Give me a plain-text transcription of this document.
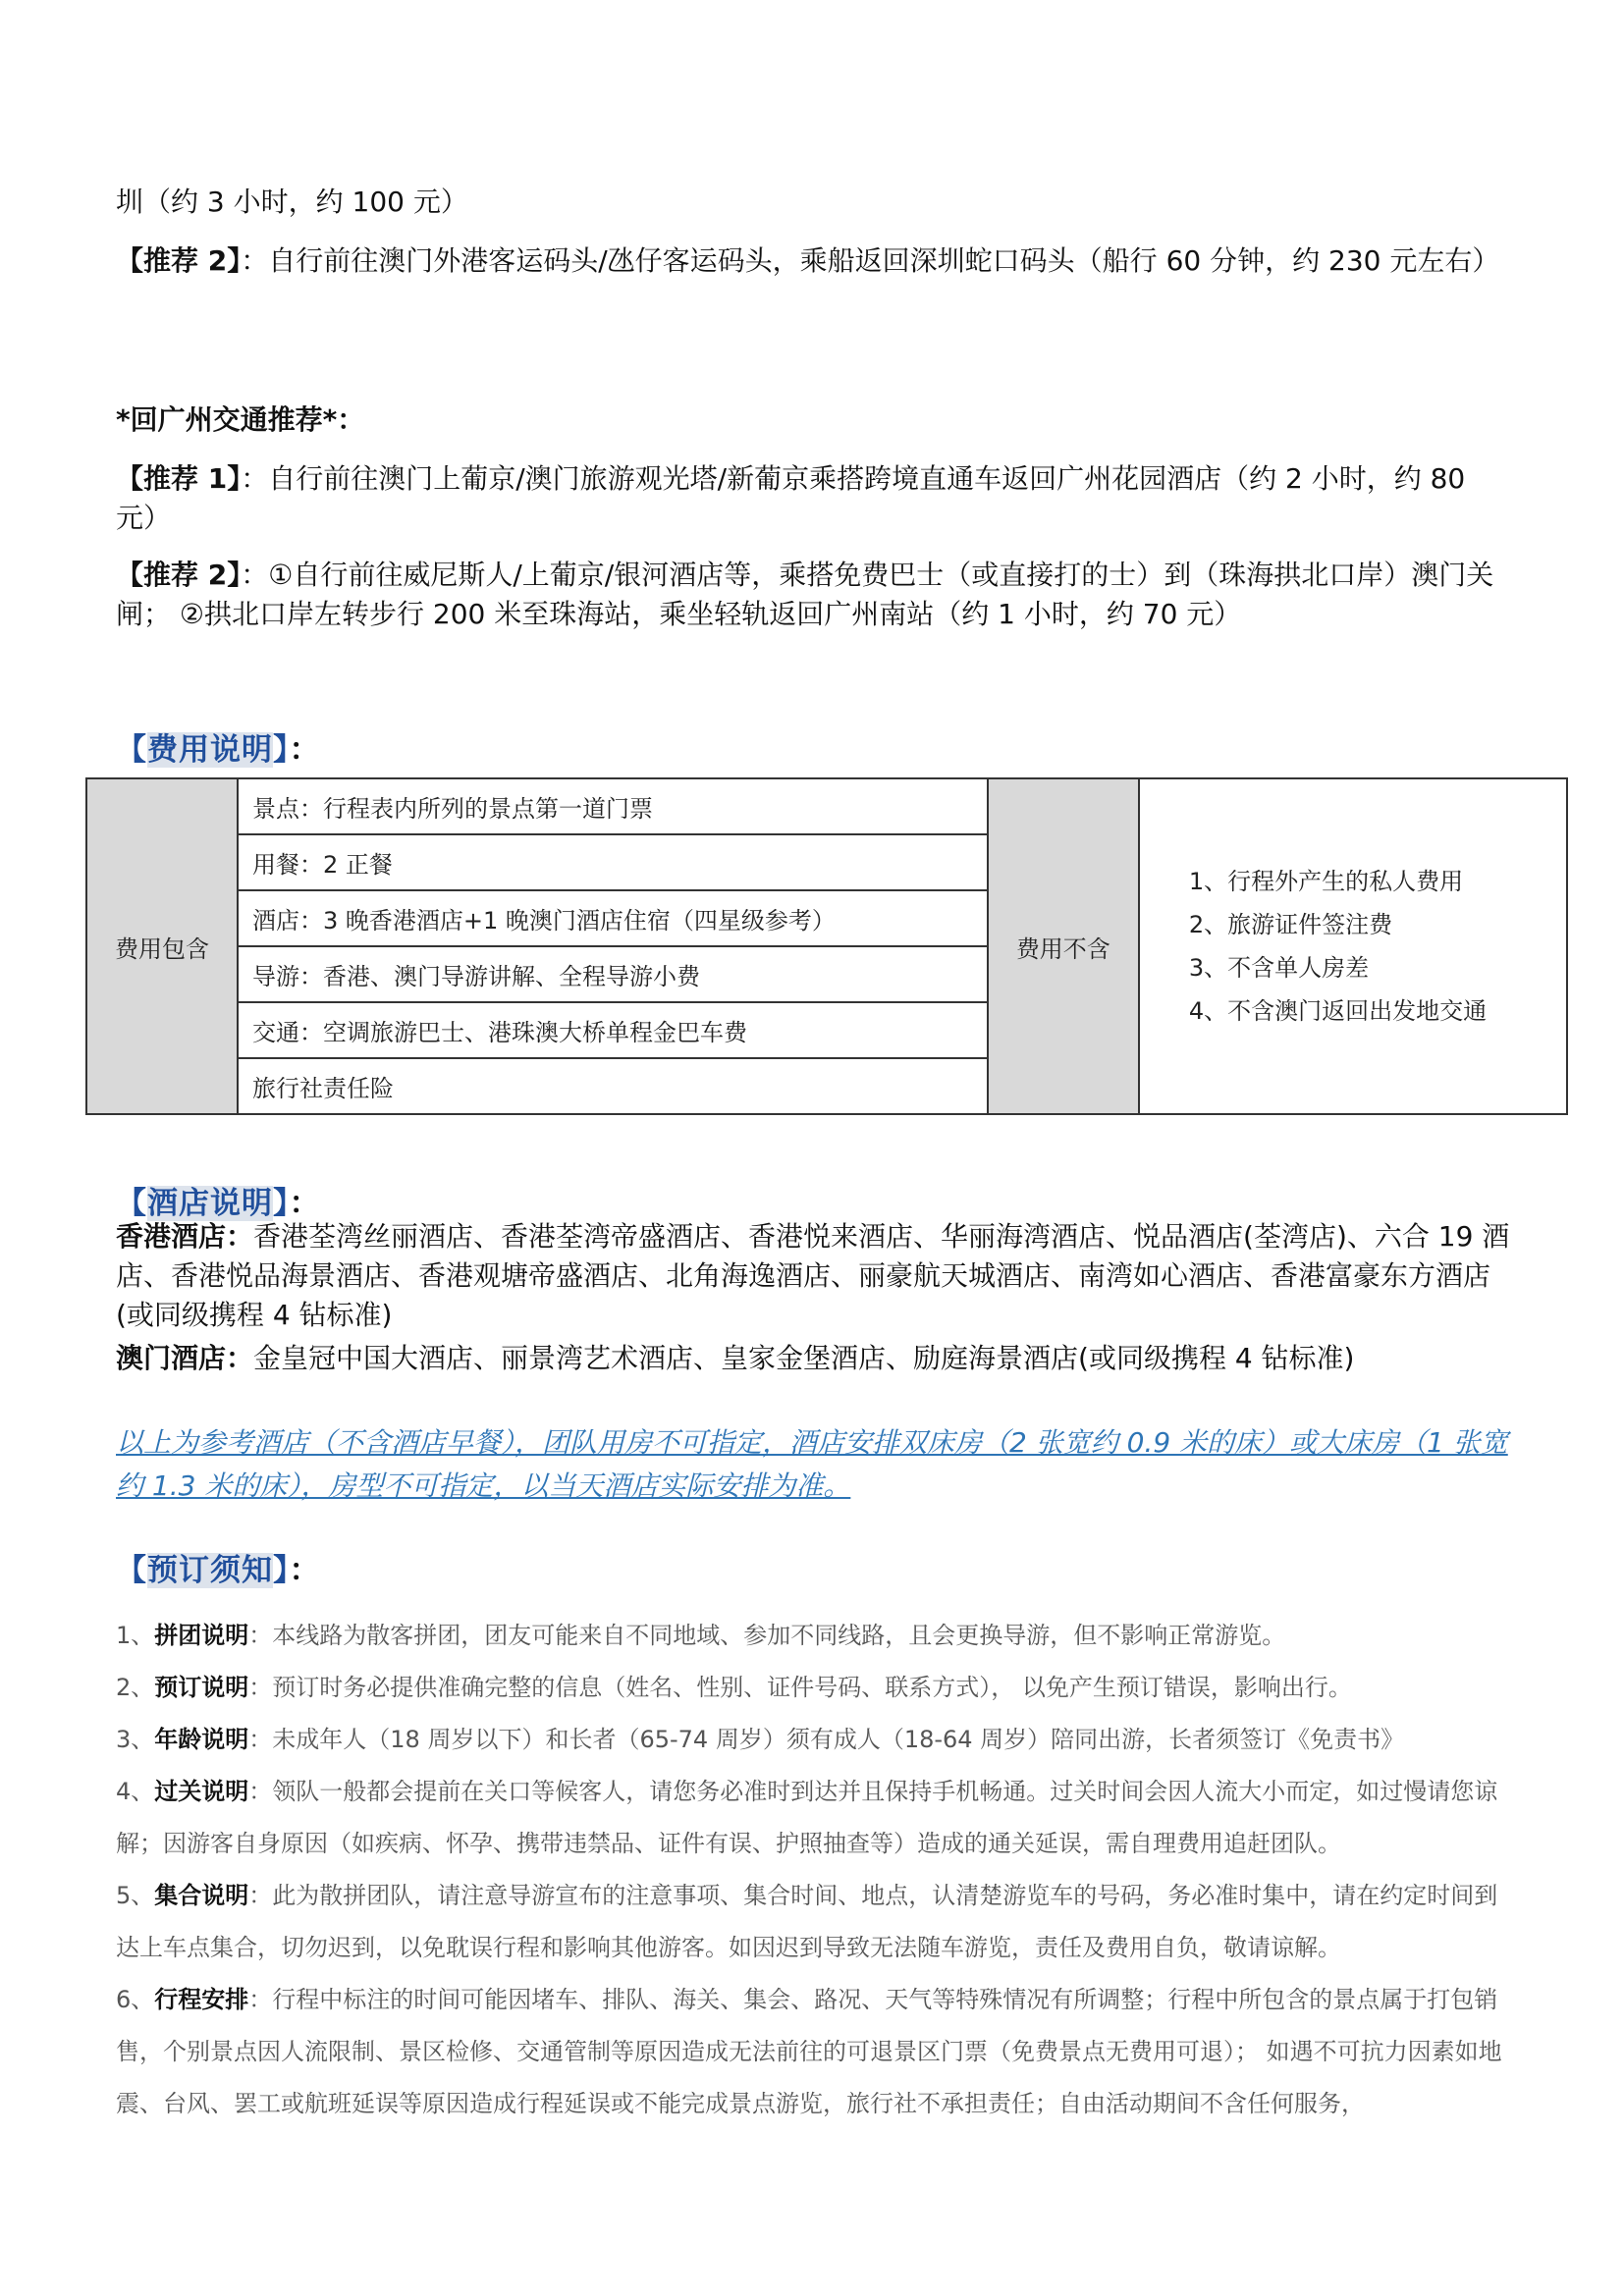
圳（约 3 小时，约 100 元）
【推荐 2】：自行前往澳门外港客运码头/氹仔客运码头，乘船返回深圳蛇口码头（船行 60 分钟，约 230 元左右）
*回广州交通推荐*：
【推荐 1】：自行前往澳门上葡京/澳门旅游观光塔/新葡京乘搭跨境直通车返回广州花园酒店（约 2 小时，约 80 元）
【推荐 2】：①自行前往威尼斯人/上葡京/银河酒店等，乘搭免费巴士（或直接打的士）到（珠海拱北口岸）澳门关闸； ②拱北口岸左转步行 200 米至珠海站，乘坐轻轨返回广州南站（约 1 小时，约 70 元）
【费用说明】：
费用包含	景点：行程表内所列的景点第一道门票	费用不含	
1、行程外产生的私人费用
2、旅游证件签注费
3、不含单人房差
4、不含澳门返回出发地交通

用餐：2 正餐
酒店：3 晚香港酒店+1 晚澳门酒店住宿（四星级参考）
导游：香港、澳门导游讲解、全程导游小费
交通：空调旅游巴士、港珠澳大桥单程金巴车费
旅行社责任险
【酒店说明】：
香港酒店：香港荃湾丝丽酒店、香港荃湾帝盛酒店、香港悦来酒店、华丽海湾酒店、悦品酒店(荃湾店)、六合 19 酒店、香港悦品海景酒店、香港观塘帝盛酒店、北角海逸酒店、丽豪航天城酒店、南湾如心酒店、香港富豪东方酒店(或同级携程 4 钻标准)
澳门酒店：金皇冠中国大酒店、丽景湾艺术酒店、皇家金堡酒店、励庭海景酒店(或同级携程 4 钻标准)
以上为参考酒店（不含酒店早餐），团队用房不可指定，酒店安排双床房（2 张宽约 0.9 米的床）或大床房（1 张宽约 1.3 米的床），房型不可指定，以当天酒店实际安排为准。
【预订须知】：
1、拼团说明：本线路为散客拼团，团友可能来自不同地域、参加不同线路，且会更换导游，但不影响正常游览。
2、预订说明：预订时务必提供准确完整的信息（姓名、性别、证件号码、联系方式）， 以免产生预订错误，影响出行。
3、年龄说明：未成年人（18 周岁以下）和长者（65-74 周岁）须有成人（18-64 周岁）陪同出游，长者须签订《免责书》
4、过关说明：领队一般都会提前在关口等候客人，请您务必准时到达并且保持手机畅通。过关时间会因人流大小而定，如过慢请您谅解；因游客自身原因（如疾病、怀孕、携带违禁品、证件有误、护照抽查等）造成的通关延误，需自理费用追赶团队。
5、集合说明：此为散拼团队，请注意导游宣布的注意事项、集合时间、地点，认清楚游览车的号码，务必准时集中，请在约定时间到达上车点集合，切勿迟到，以免耽误行程和影响其他游客。如因迟到导致无法随车游览，责任及费用自负，敬请谅解。
6、行程安排：行程中标注的时间可能因堵车、排队、海关、集会、路况、天气等特殊情况有所调整；行程中所包含的景点属于打包销售，个别景点因人流限制、景区检修、交通管制等原因造成无法前往的可退景区门票（免费景点无费用可退）； 如遇不可抗力因素如地震、台风、罢工或航班延误等原因造成行程延误或不能完成景点游览，旅行社不承担责任；自由活动期间不含任何服务，
